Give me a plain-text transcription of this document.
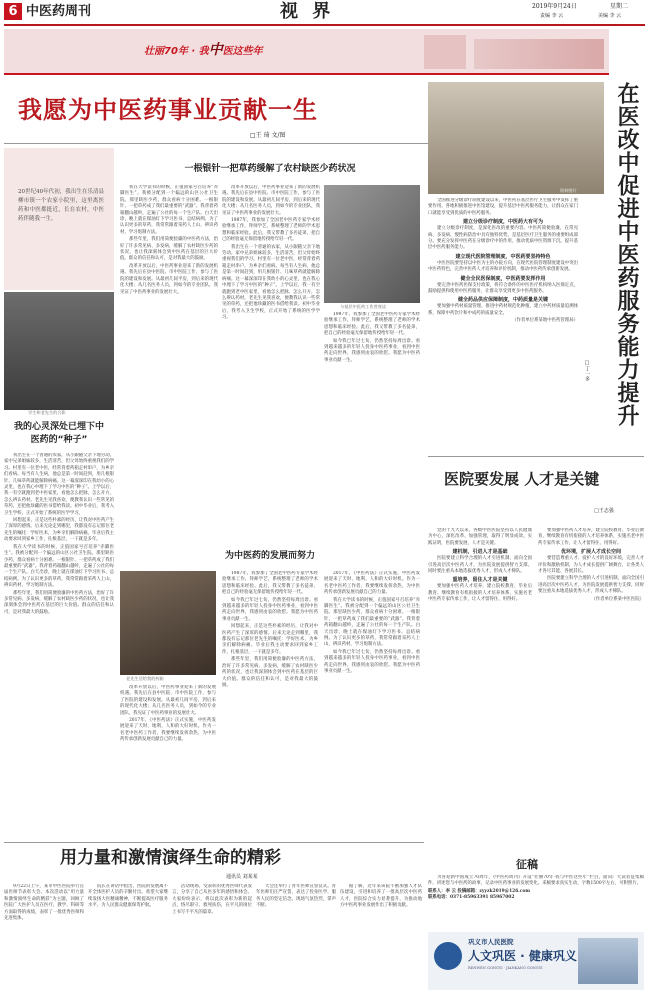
6 中医药周刊	视 界	2019年9月24日	星期二
责编 李 云	美编 李 云
壮丽70年 · 我中医这些年
我愿为中医药事业贡献一生
□王 琦 文/图
20世纪40年代初，我出生在乐清县柳市镇一个农家小院里，这里离医药和中医都挺近，长在农村，中医药伴随我一生。
学生和老先生的合影
我的心灵深处已埋下中医药的“种子”

我出生在一个普通的农家，从小跟随父亲下地劳动。家中兄弟姐妹较多，生活清苦，但父母始终重视我们的学习。村里有一位老中医，经常背着药箱走村串户，为乡亲们看病。每当有人生病，他总是第一时间赶到，用几根银针、几味草药就能解除病痛。这一幕深深印在我幼小的心灵里，也在我心中埋下了学习中医的“种子”。上学以后，我一有空就跑到老中医家里，看他怎么把脉，怎么开方，怎么辨认药材。老先生见我喜欢，便教我认识一些常见的草药，还把他珍藏的医书借给我读。初中毕业后，我考入卫生学校，正式开始了系统的医学学习。

回想起来，正是这些朴素的经历，让我对中医药产生了深厚的感情。后来无论走到哪里，我都没有忘记那位老先生的嘱托：学好医术，为乡亲们解除病痛。毕业后我主动要求回到家乡工作，扎根基层，一干就是多年。

我在大学读书的时候，正值国家号召培养“赤脚医生”。我被分配到一个偏远的山区公社卫生院。那里缺医少药，群众看病十分困难。一根银针、一把草药成了我们最重要的“武器”。我背着药箱翻山越岭，走遍了公社的每一个生产队。白天出诊，晚上就在煤油灯下学习医书、总结病例。为了认识更多的草药，我常常跟着采药人上山，辨识药材，学习炮制方法。

那些年里，我们用简便验廉的中医药方法，治好了许多常见病、多发病，缓解了农村缺医少药的状况，也让我深刻体会到中医药在基层的巨大价值。群众的信任和认可，是对我最大的鼓励。

一根银针一把草药缓解了农村缺医少药状况

我在大学读书的时候，正值国家号召培养“赤脚医生”。我被分配到一个偏远的山区公社卫生院。那里缺医少药，群众看病十分困难。一根银针、一把草药成了我们最重要的“武器”。我背着药箱翻山越岭，走遍了公社的每一个生产队。白天出诊，晚上就在煤油灯下学习医书、总结病例。为了认识更多的草药，我常常跟着采药人上山，辨识药材，学习炮制方法。

那些年里，我们用简便验廉的中医药方法，治好了许多常见病、多发病，缓解了农村缺医少药的状况，也让我深刻体会到中医药在基层的巨大价值。群众的信任和认可，是对我最大的鼓励。

改革开放以后，中医药事业迎来了新的发展机遇。我先后在县中医院、市中医院工作，参与了医院的建设和发展。从最初几间平房，到后来的现代化大楼；从几名医务人员，到如今的专业团队，我见证了中医药事业的发展壮大。

改革开放以后，中医药事业迎来了新的发展机遇。我先后在县中医院、市中医院工作，参与了医院的建设和发展。从最初几间平房，到后来的现代化大楼；从几名医务人员，到如今的专业团队，我见证了中医药事业的发展壮大。

1987年，我参加了全国老中医药专家学术经验继承工作，拜师学艺，系统整理了老师的学术思想和临床经验。此后，我又带教了多名徒弟，把自己的经验毫无保留地传授给年轻一代。

我出生在一个普通的农家，从小跟随父亲下地劳动。家中兄弟姐妹较多，生活清苦，但父母始终重视我们的学习。村里有一位老中医，经常背着药箱走村串户，为乡亲们看病。每当有人生病，他总是第一时间赶到，用几根银针、几味草药就能解除病痛。这一幕深深印在我幼小的心灵里，也在我心中埋下了学习中医的“种子”。上学以后，我一有空就跑到老中医家里，看他怎么把脉，怎么开方，怎么辨认药材。老先生见我喜欢，便教我认识一些常见的草药，还把他珍藏的医书借给我读。初中毕业后，我考入卫生学校，正式开始了系统的医学学习。

与基层中医药工作者座谈

1987年，我参加了全国老中医药专家学术经验继承工作，拜师学艺，系统整理了老师的学术思想和临床经验。此后，我又带教了多名徒弟，把自己的经验毫无保留地传授给年轻一代。

如今我已年过七旬，仍然坚持每周出诊。看到越来越多的年轻人投身中医药事业，看到中医药走向世界，我感到由衷的欣慰。我愿为中医药事业贡献一生。

为中医药的发展而努力
老先生送给我的药箱

改革开放以后，中医药事业迎来了新的发展机遇。我先后在县中医院、市中医院工作，参与了医院的建设和发展。从最初几间平房，到后来的现代化大楼；从几名医务人员，到如今的专业团队，我见证了中医药事业的发展壮大。

2017年，《中医药法》正式实施，中医药发展迎来了天时、地利、人和的大好时机。作为一名老中医药工作者，我要继续发挥余热，为中医药传承创新发展贡献自己的力量。

1987年，我参加了全国老中医药专家学术经验继承工作，拜师学艺，系统整理了老师的学术思想和临床经验。此后，我又带教了多名徒弟，把自己的经验毫无保留地传授给年轻一代。

如今我已年过七旬，仍然坚持每周出诊。看到越来越多的年轻人投身中医药事业，看到中医药走向世界，我感到由衷的欣慰。我愿为中医药事业贡献一生。

回想起来，正是这些朴素的经历，让我对中医药产生了深厚的感情。后来无论走到哪里，我都没有忘记那位老先生的嘱托：学好医术，为乡亲们解除病痛。毕业后我主动要求回到家乡工作，扎根基层，一干就是多年。

那些年里，我们用简便验廉的中医药方法，治好了许多常见病、多发病，缓解了农村缺医少药的状况，也让我深刻体会到中医药在基层的巨大价值。群众的信任和认可，是对我最大的鼓励。

2017年，《中医药法》正式实施，中医药发展迎来了天时、地利、人和的大好时机。作为一名老中医药工作者，我要继续发挥余热，为中医药传承创新发展贡献自己的力量。

我在大学读书的时候，正值国家号召培养“赤脚医生”。我被分配到一个偏远的山区公社卫生院。那里缺医少药，群众看病十分困难。一根银针、一把草药成了我们最重要的“武器”。我背着药箱翻山越岭，走遍了公社的每一个生产队。白天出诊，晚上就在煤油灯下学习医书、总结病例。为了认识更多的草药，我常常跟着采药人上山，辨识药材，学习炮制方法。

如今我已年过七旬，仍然坚持每周出诊。看到越来越多的年轻人投身中医药事业，看到中医药走向世界，我感到由衷的欣慰。我愿为中医药事业贡献一生。

在医改中促进中医药服务能力提升
□丁一多
资料图片

全国推进分级诊疗制度建设以来，中医药在基层医疗卫生服务中发挥了重要作用。各地积极推进中医馆建设，提升基层中医药服务能力，让群众在家门口就能享受到优质的中医药服务。

建立分级诊疗制度，中医药大有可为

建立分级诊疗制度，是深化医改的重要内容。中医药简便验廉，在常见病、多发病、慢性病防治中具有独特优势，是基层医疗卫生服务的重要组成部分。要充分发挥中医药在分级诊疗中的作用，推动优质中医资源下沉，提升基层中医药服务能力。

建立现代医院管理制度，中医药要坚持特色

中医医院要坚持以中医为主的办院方向，在现代医院管理制度建设中突出中医药特色，完善中医药人才培养和评价机制，推动中医药传承创新发展。

健全全民医保制度，中医药要发挥作用

要完善中医药医保支付政策，将符合条件的中医医疗机构纳入医保定点，鼓励提供和使用中医药服务，让群众享受到更多中医药服务。

健全药品供应保障制度，中药质量是关键

要加强中药材质量管理，推进中药材规范化种植，建立中药材质量追溯体系，保障中药饮片和中成药的质量安全。

（作者单位系某地中医药管理局）
医院要发展 人才是关键
□王志强

党的十九大以来，各级中医医院坚持以人民健康为中心，深化改革、加强管理，取得了明显成效。实践证明，医院要发展，人才是关键。

建机制，引进人才是基础

医院要建立科学合理的人才引进机制，面向全国引进高层次中医药人才，为医院发展提供智力支撑。同时要注重从本地选拔优秀人才，形成人才梯队。

重培养，留住人才是关键

要加强中医药人才培养，建立院校教育、毕业后教育、继续教育有机衔接的人才培养体系，实施名老中医药专家传承工作，让人才留得住、用得好。

要加强中医药人才培养，建立院校教育、毕业后教育、继续教育有机衔接的人才培养体系，实施名老中医药专家传承工作，让人才留得住、用得好。

优环境，扩展人才成长空间

要营造尊重人才、爱护人才的良好环境，完善人才评价和激励机制，为人才成长提供广阔舞台，让各类人才各尽其能、各展其长。

医院要建立科学合理的人才引进机制，面向全国引进高层次中医药人才，为医院发展提供智力支撑。同时要注重从本地选拔优秀人才，形成人才梯队。

（作者单位系某中医医院）
用力量和激情演绎生命的精彩
通讯员 刘某某

9月22日上午，某市中医医院举行首届医师节表彰大会。本次活动以“用力量和激情演绎生命的精彩”为主题，回顾了医院广大医护人员在医疗、教学、科研等方面取得的成绩，表彰了一批优秀医师和先进集体。

院长在讲话中指出，医院的发展离不开全体医护人员的辛勤付出。希望大家继续发扬大医精诚精神，不断提高医疗服务水平，为人民群众健康保驾护航。

活动现场，受表彰的优秀医师代表发言，分享了自己从医多年的感悟和体会。大家纷纷表示，将以此次表彰为新的起点，恪尽职守、救死扶伤，在平凡的岗位上书写不平凡的篇章。

大会还举行了青年医师宣誓仪式。青年医师们庄严宣誓，表达了投身医学、服务人民的坚定信念。现场气氛热烈，掌声不断。

据了解，近年来该院不断加强人才队伍建设，引进和培养了一批高层次中医药人才，医院综合实力显著提升，为推动地方中医药事业发展作出了积极贡献。

征稿

为喜迎新中国成立70周年，《中医药周刊》开设“壮丽70年·我与中医这些年”栏目，面向广大读者征集稿件，讲述您与中医药的故事，记录中医药事业的发展变化。来稿要求真实生动，字数1500字左右，可附照片。

联系人：李 云 投稿邮箱：zyyzk2019@126.com
联系电话：0371-85963391 85967002
巩义市人民医院
人文巩医 · 健康巩义
RENWEN GONGYI · JIANKANG GONGYI
